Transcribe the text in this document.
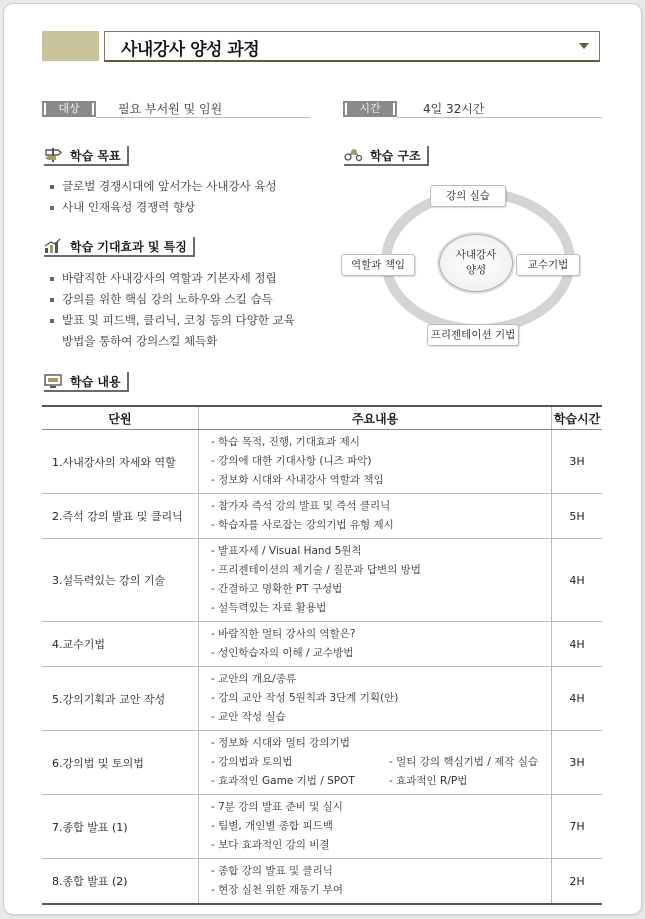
사내강사 양성 과정
대상	필요 부서원 및 임원	시간	4일 32시간
학습 목표
글로벌 경쟁시대에 앞서가는 사내강사 육성
사내 인재육성 경쟁력 향상
학습 기대효과 및 특징
바람직한 사내강사의 역할과 기본자세 정립
강의를 위한 핵심 강의 노하우와 스킬 습득
발표 및 피드백, 클리닉, 코칭 등의 다양한 교육
방법을 통하여 강의스킬 체득화
학습 구조
사내강사
양성
강의 실습
교수기법
프리젠테이션 기법
역할과 책임
학습 내용
단원	주요내용	학습시간
1.사내강사의 자세와 역할	- 학습 목적, 진행, 기대효과 제시
- 강의에 대한 기대사항 (니즈 파악)
- 정보화 시대와 사내강사 역할과 책임	3H
2.즉석 강의 발표 및 클리닉	- 참가자 즉석 강의 발표 및 즉석 클리닉
- 학습자를 사로잡는 강의기법 유형 제시	5H
3.설득력있는 강의 기술	- 발표자세 / Visual Hand 5원칙
- 프리젠테이션의 제기술 / 질문과 답변의 방법
- 간결하고 명확한 PT 구성법
- 설득력있는 자료 활용법	4H
4.교수기법	- 바람직한 멀티 강사의 역할은?
- 성인학습자의 이해 / 교수방법	4H
5.강의기획과 교안 작성	- 교안의 개요/종류
- 강의 교안 작성 5원칙과 3단계 기획(안)
- 교안 작성 실습	4H
6.강의법 및 토의법	- 정보화 시대와 멀티 강의기법
- 강의법과 토의법 - 멀티 강의 핵심기법 / 제작 실습
- 효과적인 Game 기법 / SPOT - 효과적인 R/P법	3H
7.종합 발표 (1)	- 7분 강의 발표 준비 및 실시
- 팀별, 개인별 종합 피드백
- 보다 효과적인 강의 비결	7H
8.종합 발표 (2)	- 종합 강의 발표 및 클리닉
- 현장 실천 위한 재동기 부여	2H
